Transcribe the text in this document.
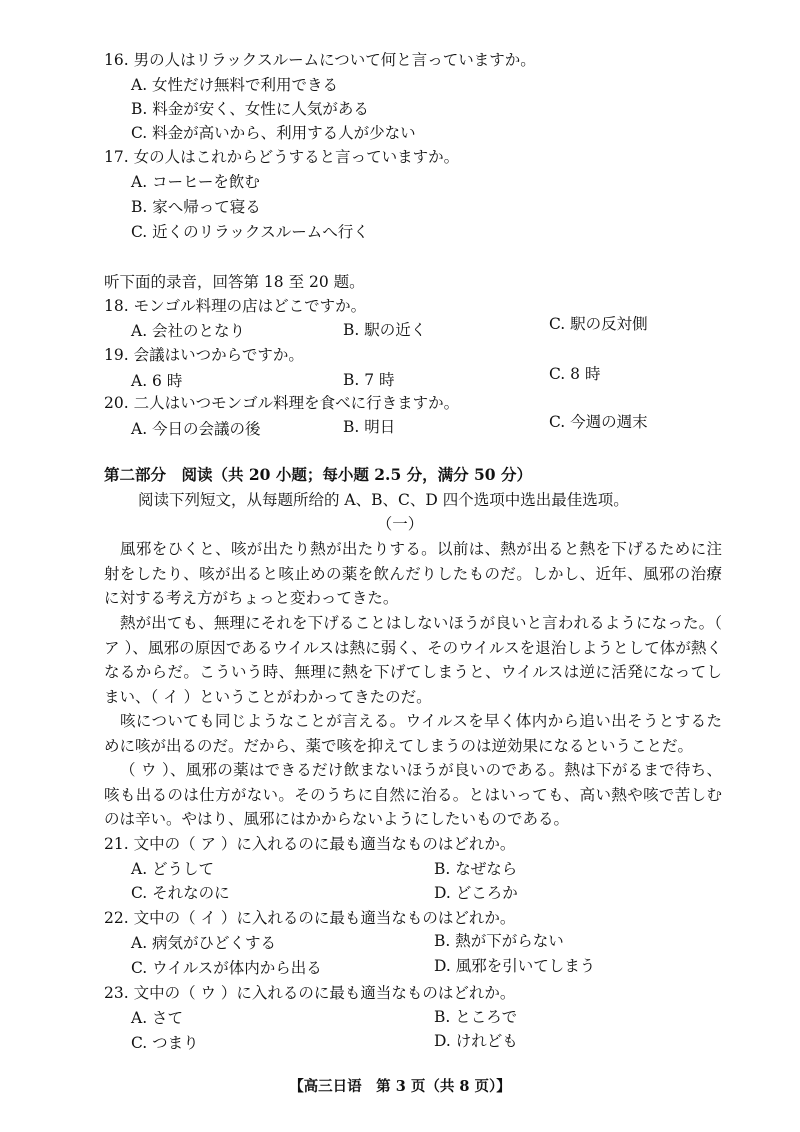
16. 男の人はリラックスルームについて何と言っていますか。
A. 女性だけ無料で利用できる
B. 料金が安く、女性に人気がある
C. 料金が高いから、利用する人が少ない
17. 女の人はこれからどうすると言っていますか。
A. コーヒーを飲む
B. 家へ帰って寝る
C. 近くのリラックスルームへ行く
听下面的录音，回答第 18 至 20 题。
18. モンゴル料理の店はどこですか。
A. 会社のとなり	B. 駅の近く	C. 駅の反対側
19. 会議はいつからですか。
A. 6 時	B. 7 時	C. 8 時
20. 二人はいつモンゴル料理を食べに行きますか。
A. 今日の会議の後	B. 明日	C. 今週の週末
第二部分　阅读（共 20 小题；每小题 2.5 分，满分 50 分）
阅读下列短文，从每题所给的 A、B、C、D 四个选项中选出最佳选项。
（一）
風邪をひくと、咳が出たり熱が出たりする。以前は、熱が出ると熱を下げるために注射をしたり、咳が出ると咳止めの薬を飲んだりしたものだ。しかし、近年、風邪の治療に対する考え方がちょっと変わってきた。
熱が出ても、無理にそれを下げることはしないほうが良いと言われるようになった。（ ア ）、風邪の原因であるウイルスは熱に弱く、そのウイルスを退治しようとして体が熱くなるからだ。こういう時、無理に熱を下げてしまうと、ウイルスは逆に活発になってしまい、（ イ ）ということがわかってきたのだ。
咳についても同じようなことが言える。ウイルスを早く体内から追い出そうとするために咳が出るのだ。だから、薬で咳を抑えてしまうのは逆効果になるということだ。
（ ウ ）、風邪の薬はできるだけ飲まないほうが良いのである。熱は下がるまで待ち、咳も出るのは仕方がない。そのうちに自然に治る。とはいっても、高い熱や咳で苦しむのは辛い。やはり、風邪にはかからないようにしたいものである。
21. 文中の（ ア ）に入れるのに最も適当なものはどれか。
A. どうして	B. なぜなら
C. それなのに	D. どころか
22. 文中の（ イ ）に入れるのに最も適当なものはどれか。
A. 病気がひどくする	B. 熱が下がらない
C. ウイルスが体内から出る	D. 風邪を引いてしまう
23. 文中の（ ウ ）に入れるのに最も適当なものはどれか。
A. さて	B. ところで
C. つまり	D. けれども
【高三日语　第 3 页（共 8 页）】
